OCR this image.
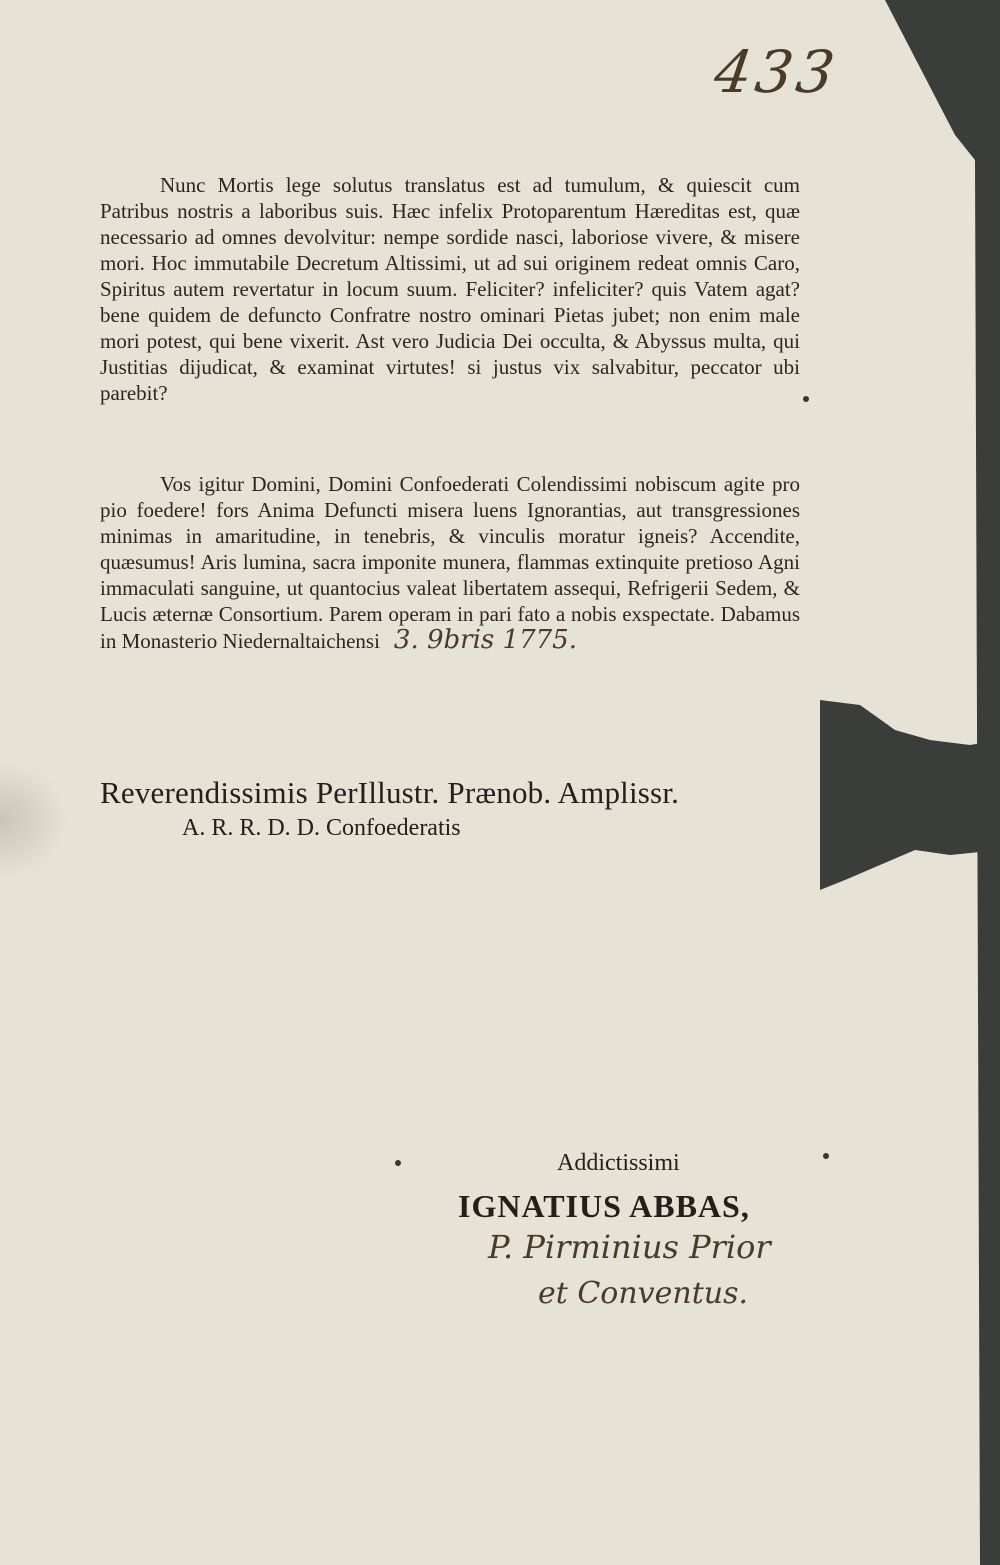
433

Nunc Mortis lege solutus translatus est ad tumulum, & quiescit cum Patribus nostris a laboribus suis. Hæc infelix Protoparentum Hæreditas est, quæ necessario ad omnes devolvitur: nempe sordide nasci, laboriose vivere, & misere mori. Hoc immutabile Decretum Altissimi, ut ad sui originem redeat omnis Caro, Spiritus autem revertatur in locum suum. Feliciter? infeliciter? quis Vatem agat? bene quidem de defuncto Confratre nostro ominari Pietas jubet; non enim male mori potest, qui bene vixerit. Ast vero Judicia Dei occulta, & Abyssus multa, qui Justitias dijudicat, & examinat virtutes! si justus vix salvabitur, peccator ubi parebit?

Vos igitur Domini, Domini Confoederati Colendissimi nobiscum agite pro pio foedere! fors Anima Defuncti misera luens Ignorantias, aut transgressiones minimas in amaritudine, in tenebris, & vinculis moratur igneis? Accendite, quæsumus! Aris lumina, sacra imponite munera, flammas extinquite pretioso Agni immaculati sanguine, ut quantocius valeat libertatem assequi, Refrigerii Sedem, & Lucis æternæ Consortium. Parem operam in pari fato a nobis exspectate. Dabamus in Monasterio Niedernaltaichensi 3. 9bris 1775.

Reverendissimis PerIllustr. Prænob. Amplissr.
A. R. R. D. D. Confoederatis
Addictissimi
IGNATIUS ABBAS,
P. Pirminius Prior
et Conventus.
